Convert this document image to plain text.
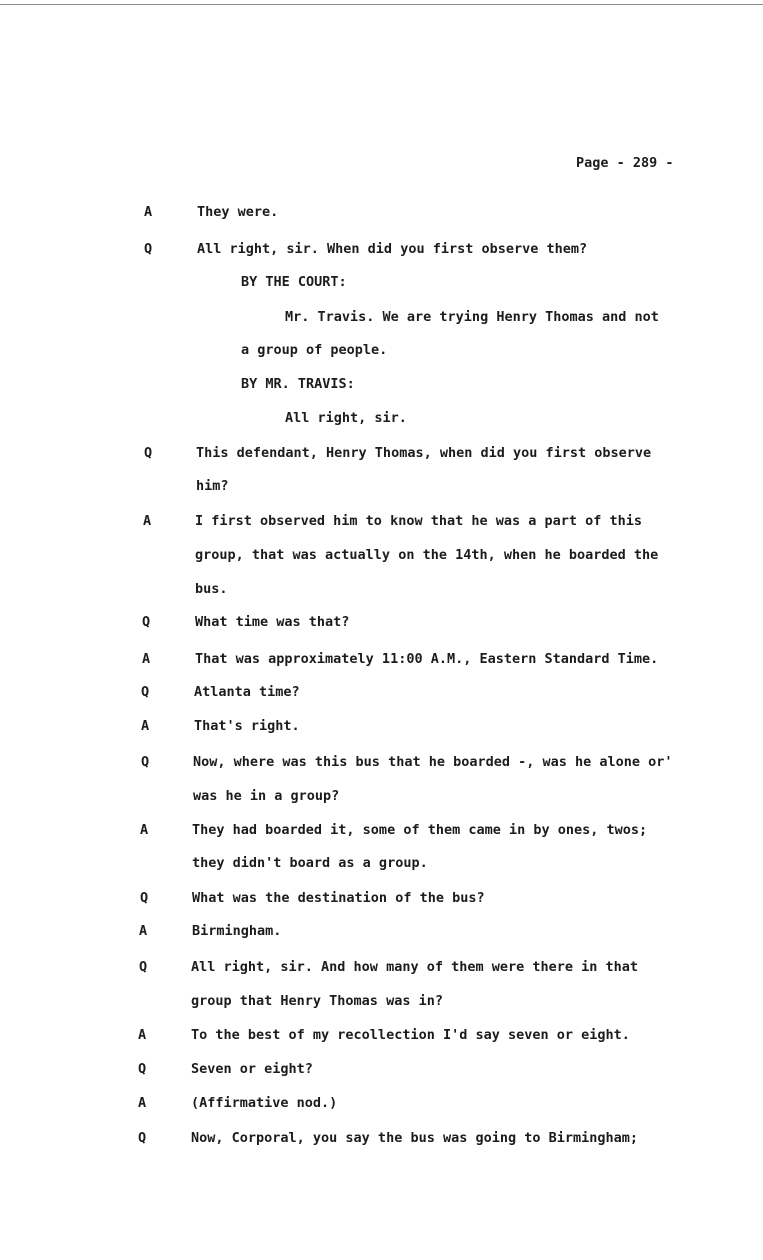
Page - 289 -
A	They were.
Q	All right, sir. When did you first observe them?
BY THE COURT:
Mr. Travis. We are trying Henry Thomas and not
a group of people.
BY MR. TRAVIS:
All right, sir.
Q	This defendant, Henry Thomas, when did you first observe
him?
A	I first observed him to know that he was a part of this
group, that was actually on the 14th, when he boarded the
bus.
Q	What time was that?
A	That was approximately 11:00 A.M., Eastern Standard Time.
Q	Atlanta time?
A	That's right.
Q	Now, where was this bus that he boarded -, was he alone or'
was he in a group?
A	They had boarded it, some of them came in by ones, twos;
they didn't board as a group.
Q	What was the destination of the bus?
A	Birmingham.
Q	All right, sir. And how many of them were there in that
group that Henry Thomas was in?
A	To the best of my recollection I'd say seven or eight.
Q	Seven or eight?
A	(Affirmative nod.)
Q	Now, Corporal, you say the bus was going to Birmingham;
